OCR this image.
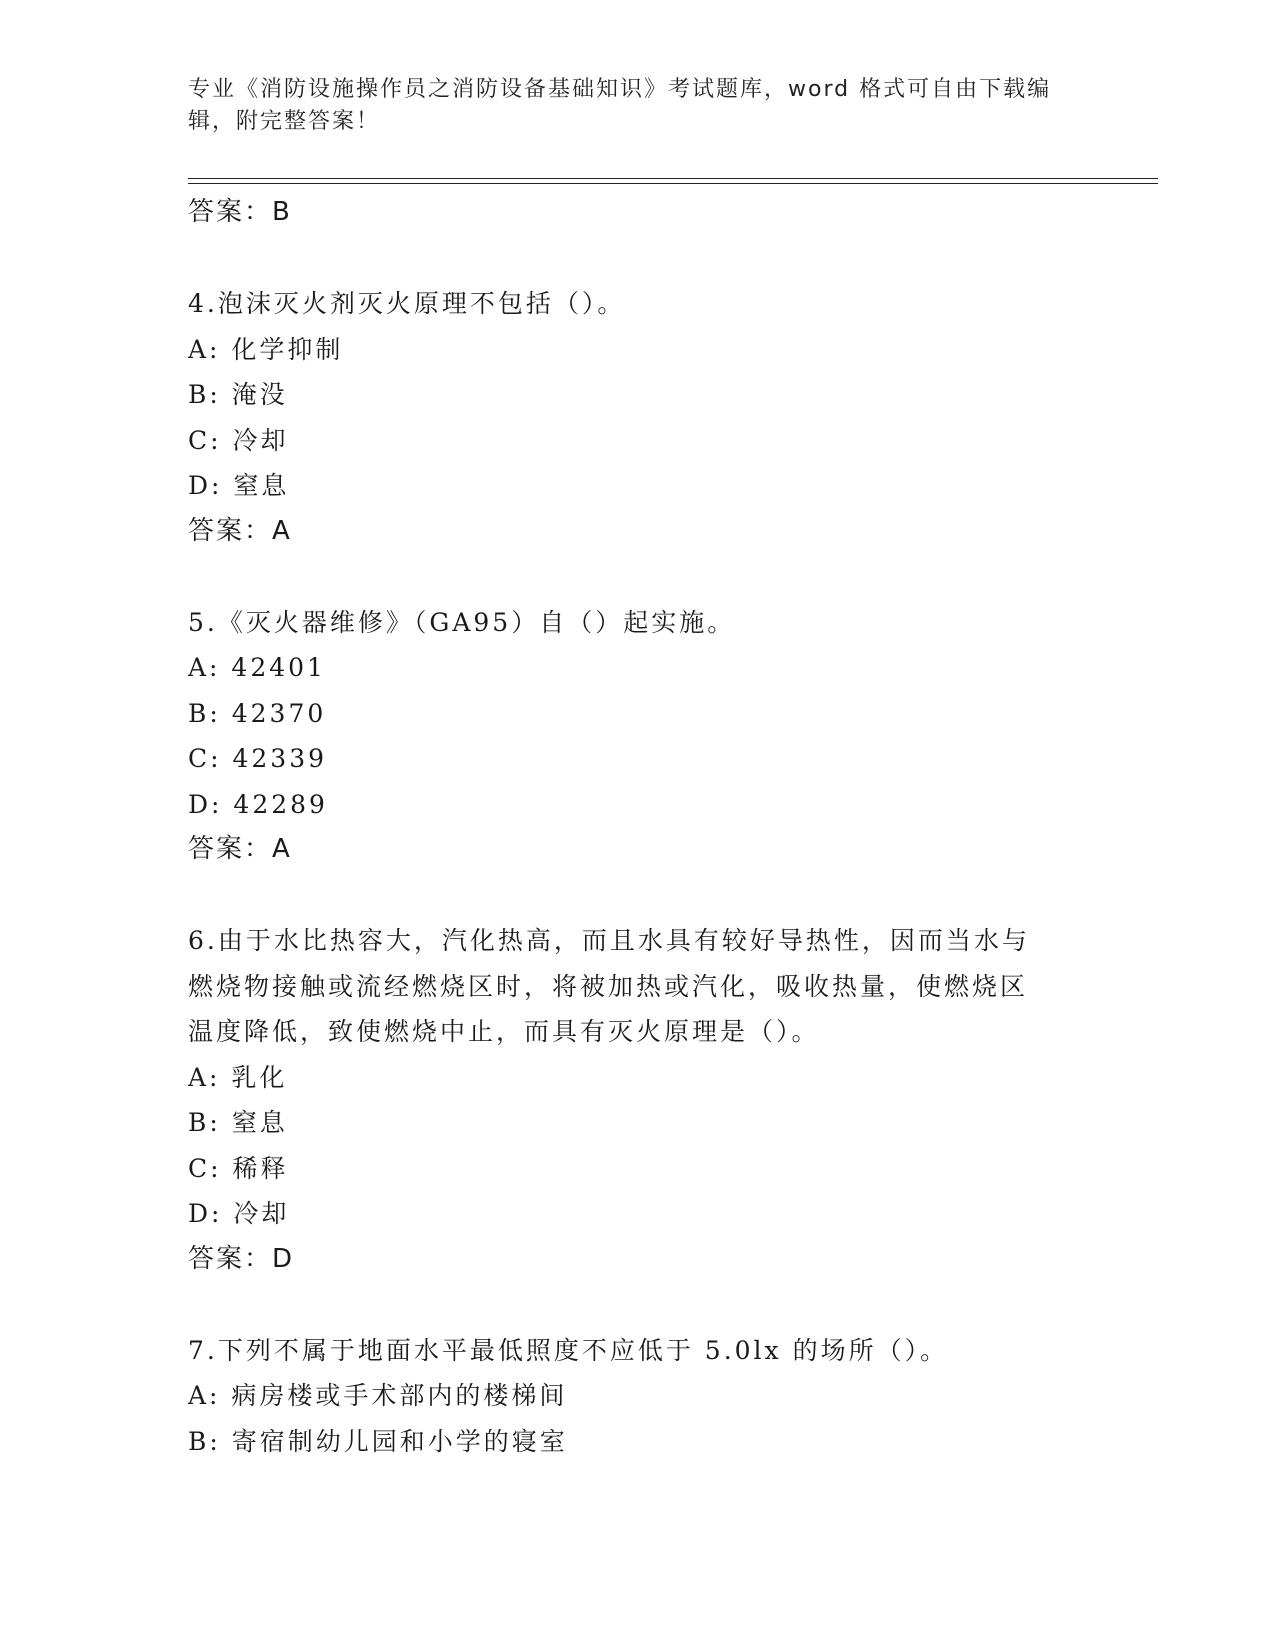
专业《消防设施操作员之消防设备基础知识》考试题库，word 格式可自由下载编
辑，附完整答案！
答案：B
4.泡沫灭火剂灭火原理不包括（）。
A: 化学抑制
B: 淹没
C: 冷却
D: 窒息
答案：A
5.《灭火器维修》（GA95）自（）起实施。
A: 42401
B: 42370
C: 42339
D: 42289
答案：A
6.由于水比热容大，汽化热高，而且水具有较好导热性，因而当水与
燃烧物接触或流经燃烧区时，将被加热或汽化，吸收热量，使燃烧区
温度降低，致使燃烧中止，而具有灭火原理是（）。
A: 乳化
B: 窒息
C: 稀释
D: 冷却
答案：D
7.下列不属于地面水平最低照度不应低于 5.0lx 的场所（）。
A: 病房楼或手术部内的楼梯间
B: 寄宿制幼儿园和小学的寝室
